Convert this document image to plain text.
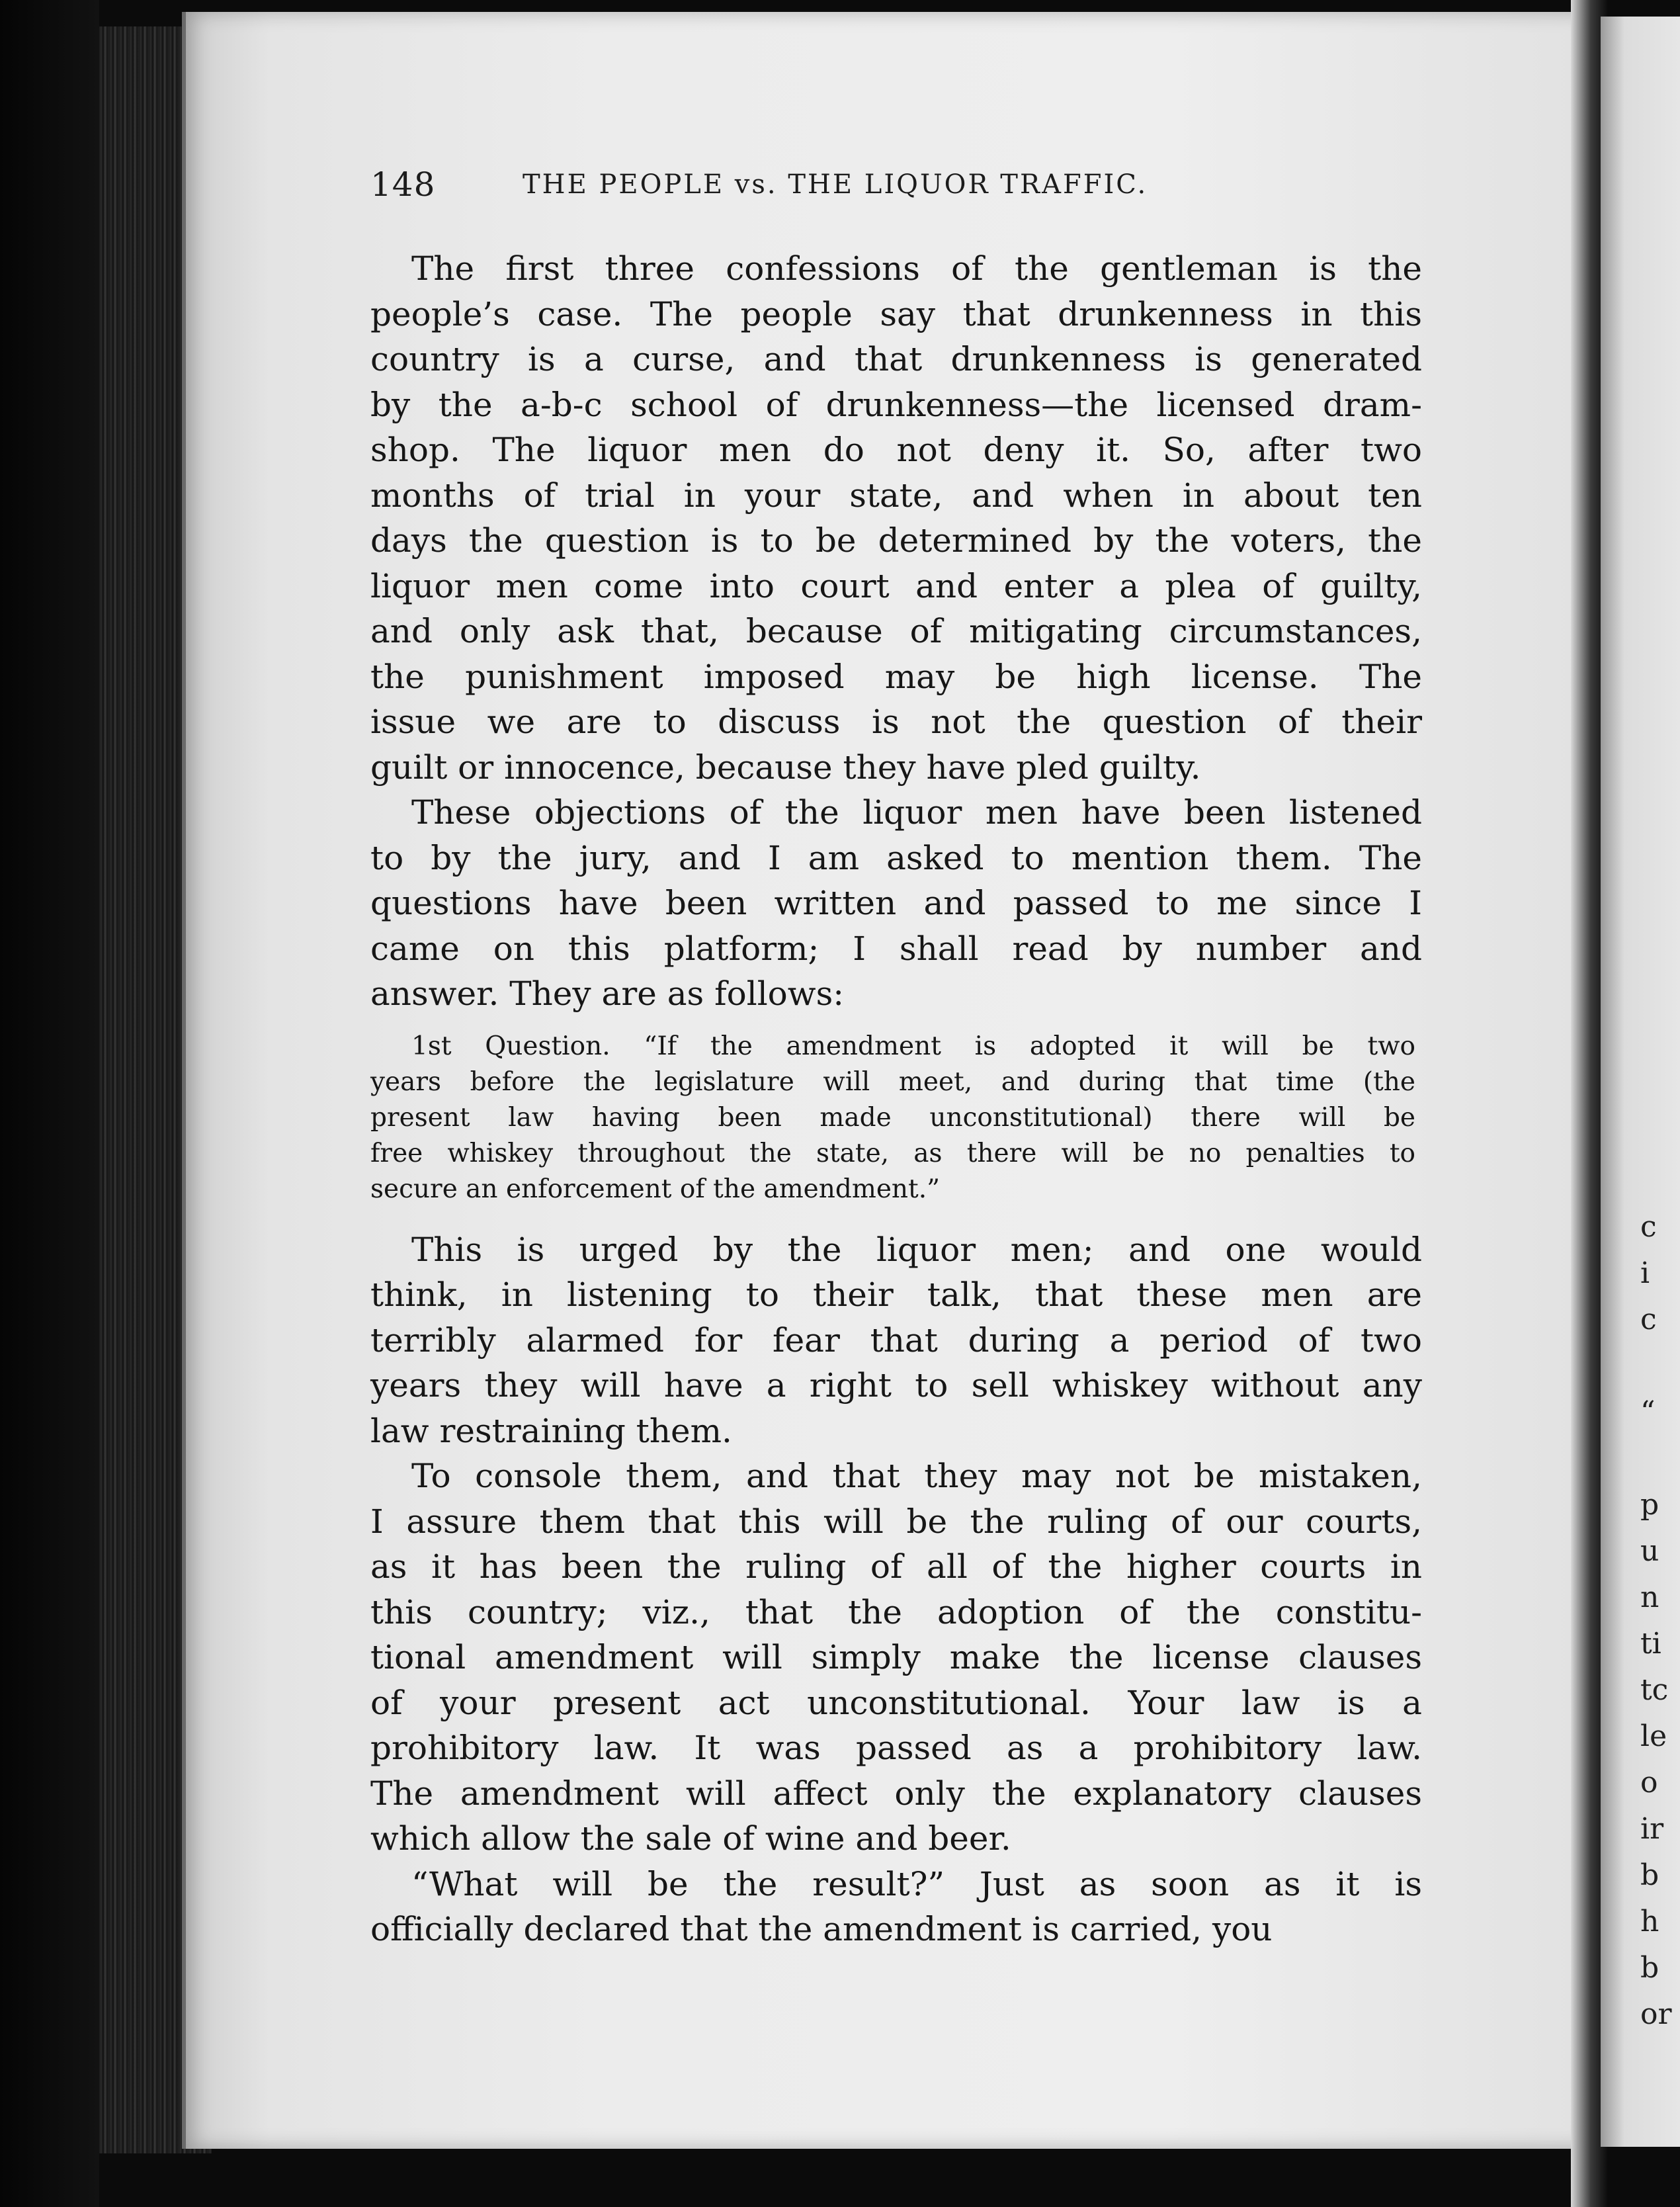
c
i
c
“
p
u
n
ti
tc
le
o
ir
b
h
b
or
148	THE PEOPLE vs. THE LIQUOR TRAFFIC.
The first three confessions of the gentleman is the
people’s case. The people say that drunkenness in this
country is a curse, and that drunkenness is generated
by the a-b-c school of drunkenness—the licensed dram-
shop. The liquor men do not deny it. So, after two
months of trial in your state, and when in about ten
days the question is to be determined by the voters, the
liquor men come into court and enter a plea of guilty,
and only ask that, because of mitigating circumstances,
the punishment imposed may be high license. The
issue we are to discuss is not the question of their
guilt or innocence, because they have pled guilty.
These objections of the liquor men have been listened
to by the jury, and I am asked to mention them. The
questions have been written and passed to me since I
came on this platform; I shall read by number and
answer. They are as follows:
1st Question. “If the amendment is adopted it will be two
years before the legislature will meet, and during that time (the
present law having been made unconstitutional) there will be
free whiskey throughout the state, as there will be no penalties to
secure an enforcement of the amendment.”
This is urged by the liquor men; and one would
think, in listening to their talk, that these men are
terribly alarmed for fear that during a period of two
years they will have a right to sell whiskey without any
law restraining them.
To console them, and that they may not be mistaken,
I assure them that this will be the ruling of our courts,
as it has been the ruling of all of the higher courts in
this country; viz., that the adoption of the constitu-
tional amendment will simply make the license clauses
of your present act unconstitutional. Your law is a
prohibitory law. It was passed as a prohibitory law.
The amendment will affect only the explanatory clauses
which allow the sale of wine and beer.
“What will be the result?” Just as soon as it is
officially declared that the amendment is carried, you
